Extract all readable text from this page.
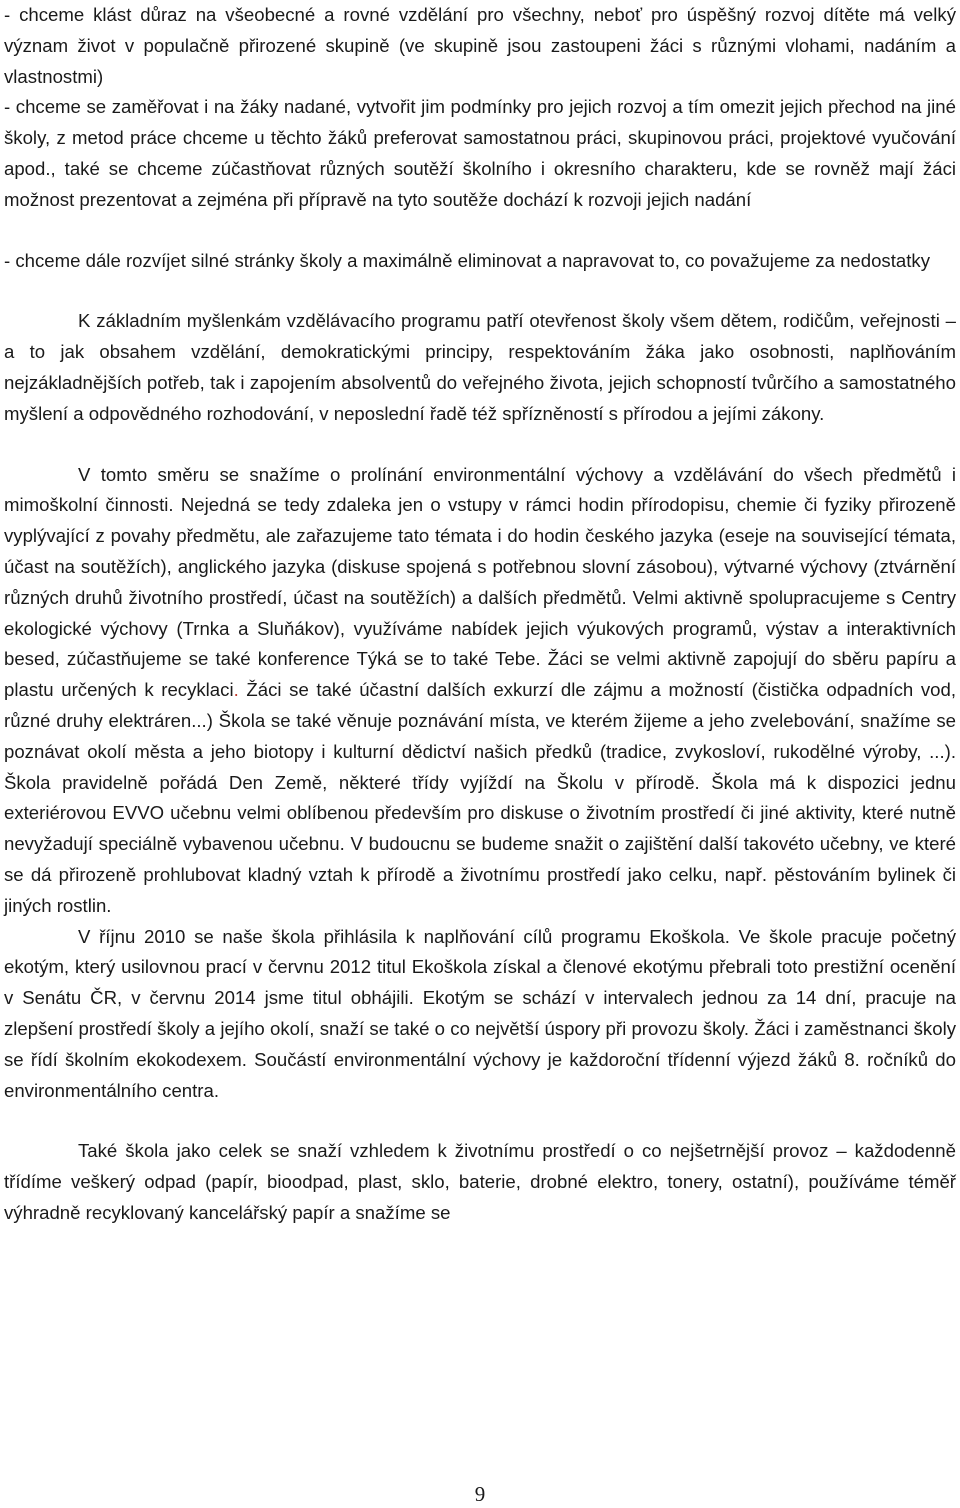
- chceme klást důraz na všeobecné a rovné vzdělání pro všechny, neboť pro úspěšný rozvoj dítěte má velký význam život v populačně přirozené skupině (ve skupině jsou zastoupeni žáci s různými vlohami, nadáním a vlastnostmi)

- chceme se zaměřovat i na žáky nadané, vytvořit jim podmínky pro jejich rozvoj a tím omezit jejich přechod na jiné školy, z metod práce chceme u těchto žáků preferovat samostatnou práci, skupinovou práci, projektové vyučování apod., také se chceme zúčastňovat různých soutěží školního i okresního charakteru, kde se rovněž mají žáci možnost prezentovat a zejména při přípravě na tyto soutěže dochází k rozvoji jejich nadání

- chceme dále rozvíjet silné stránky školy a maximálně eliminovat a napravovat to, co považujeme za nedostatky

K základním myšlenkám vzdělávacího programu patří otevřenost školy všem dětem, rodičům, veřejnosti – a to jak obsahem vzdělání, demokratickými principy, respektováním žáka jako osobnosti, naplňováním nejzákladnějších potřeb, tak i zapojením absolventů do veřejného života, jejich schopností tvůrčího a samostatného myšlení a odpovědného rozhodování, v neposlední řadě též spřízněností s přírodou a jejími zákony.

V tomto směru se snažíme o prolínání environmentální výchovy a vzdělávání do všech předmětů i mimoškolní činnosti. Nejedná se tedy zdaleka jen o vstupy v rámci hodin přírodopisu, chemie či fyziky přirozeně vyplývající z povahy předmětu, ale zařazujeme tato témata i do hodin českého jazyka (eseje na související témata, účast na soutěžích), anglického jazyka (diskuse spojená s potřebnou slovní zásobou), výtvarné výchovy (ztvárnění různých druhů životního prostředí, účast na soutěžích) a dalších předmětů. Velmi aktivně spolupracujeme s Centry ekologické výchovy (Trnka a Sluňákov), využíváme nabídek jejich výukových programů, výstav a interaktivních besed, zúčastňujeme se také konference Týká se to také Tebe. Žáci se velmi aktivně zapojují do sběru papíru a plastu určených k recyklaci. Žáci se také účastní dalších exkurzí dle zájmu a možností (čistička odpadních vod, různé druhy elektráren...) Škola se také věnuje poznávání místa, ve kterém žijeme a jeho zvelebování, snažíme se poznávat okolí města a jeho biotopy i kulturní dědictví našich předků (tradice, zvykosloví, rukodělné výroby, ...). Škola pravidelně pořádá Den Země, některé třídy vyjíždí na Školu v přírodě. Škola má k dispozici jednu exteriérovou EVVO učebnu velmi oblíbenou především pro diskuse o životním prostředí či jiné aktivity, které nutně nevyžadují speciálně vybavenou učebnu. V budoucnu se budeme snažit o zajištění další takovéto učebny, ve které se dá přirozeně prohlubovat kladný vztah k přírodě a životnímu prostředí jako celku, např. pěstováním bylinek či jiných rostlin.

V říjnu 2010 se naše škola přihlásila k naplňování cílů programu Ekoškola. Ve škole pracuje početný ekotým, který usilovnou prací v červnu 2012 titul Ekoškola získal a členové ekotýmu přebrali toto prestižní ocenění v Senátu ČR, v červnu 2014 jsme titul obhájili. Ekotým se schází v intervalech jednou za 14 dní, pracuje na zlepšení prostředí školy a jejího okolí, snaží se také o co největší úspory při provozu školy. Žáci i zaměstnanci školy se řídí školním ekokodexem. Součástí environmentální výchovy je každoroční třídenní výjezd žáků 8. ročníků do environmentálního centra.

Také škola jako celek se snaží vzhledem k životnímu prostředí o co nejšetrnější provoz – každodenně třídíme veškerý odpad (papír, bioodpad, plast, sklo, baterie, drobné elektro, tonery, ostatní), používáme téměř výhradně recyklovaný kancelářský papír a snažíme se

9
